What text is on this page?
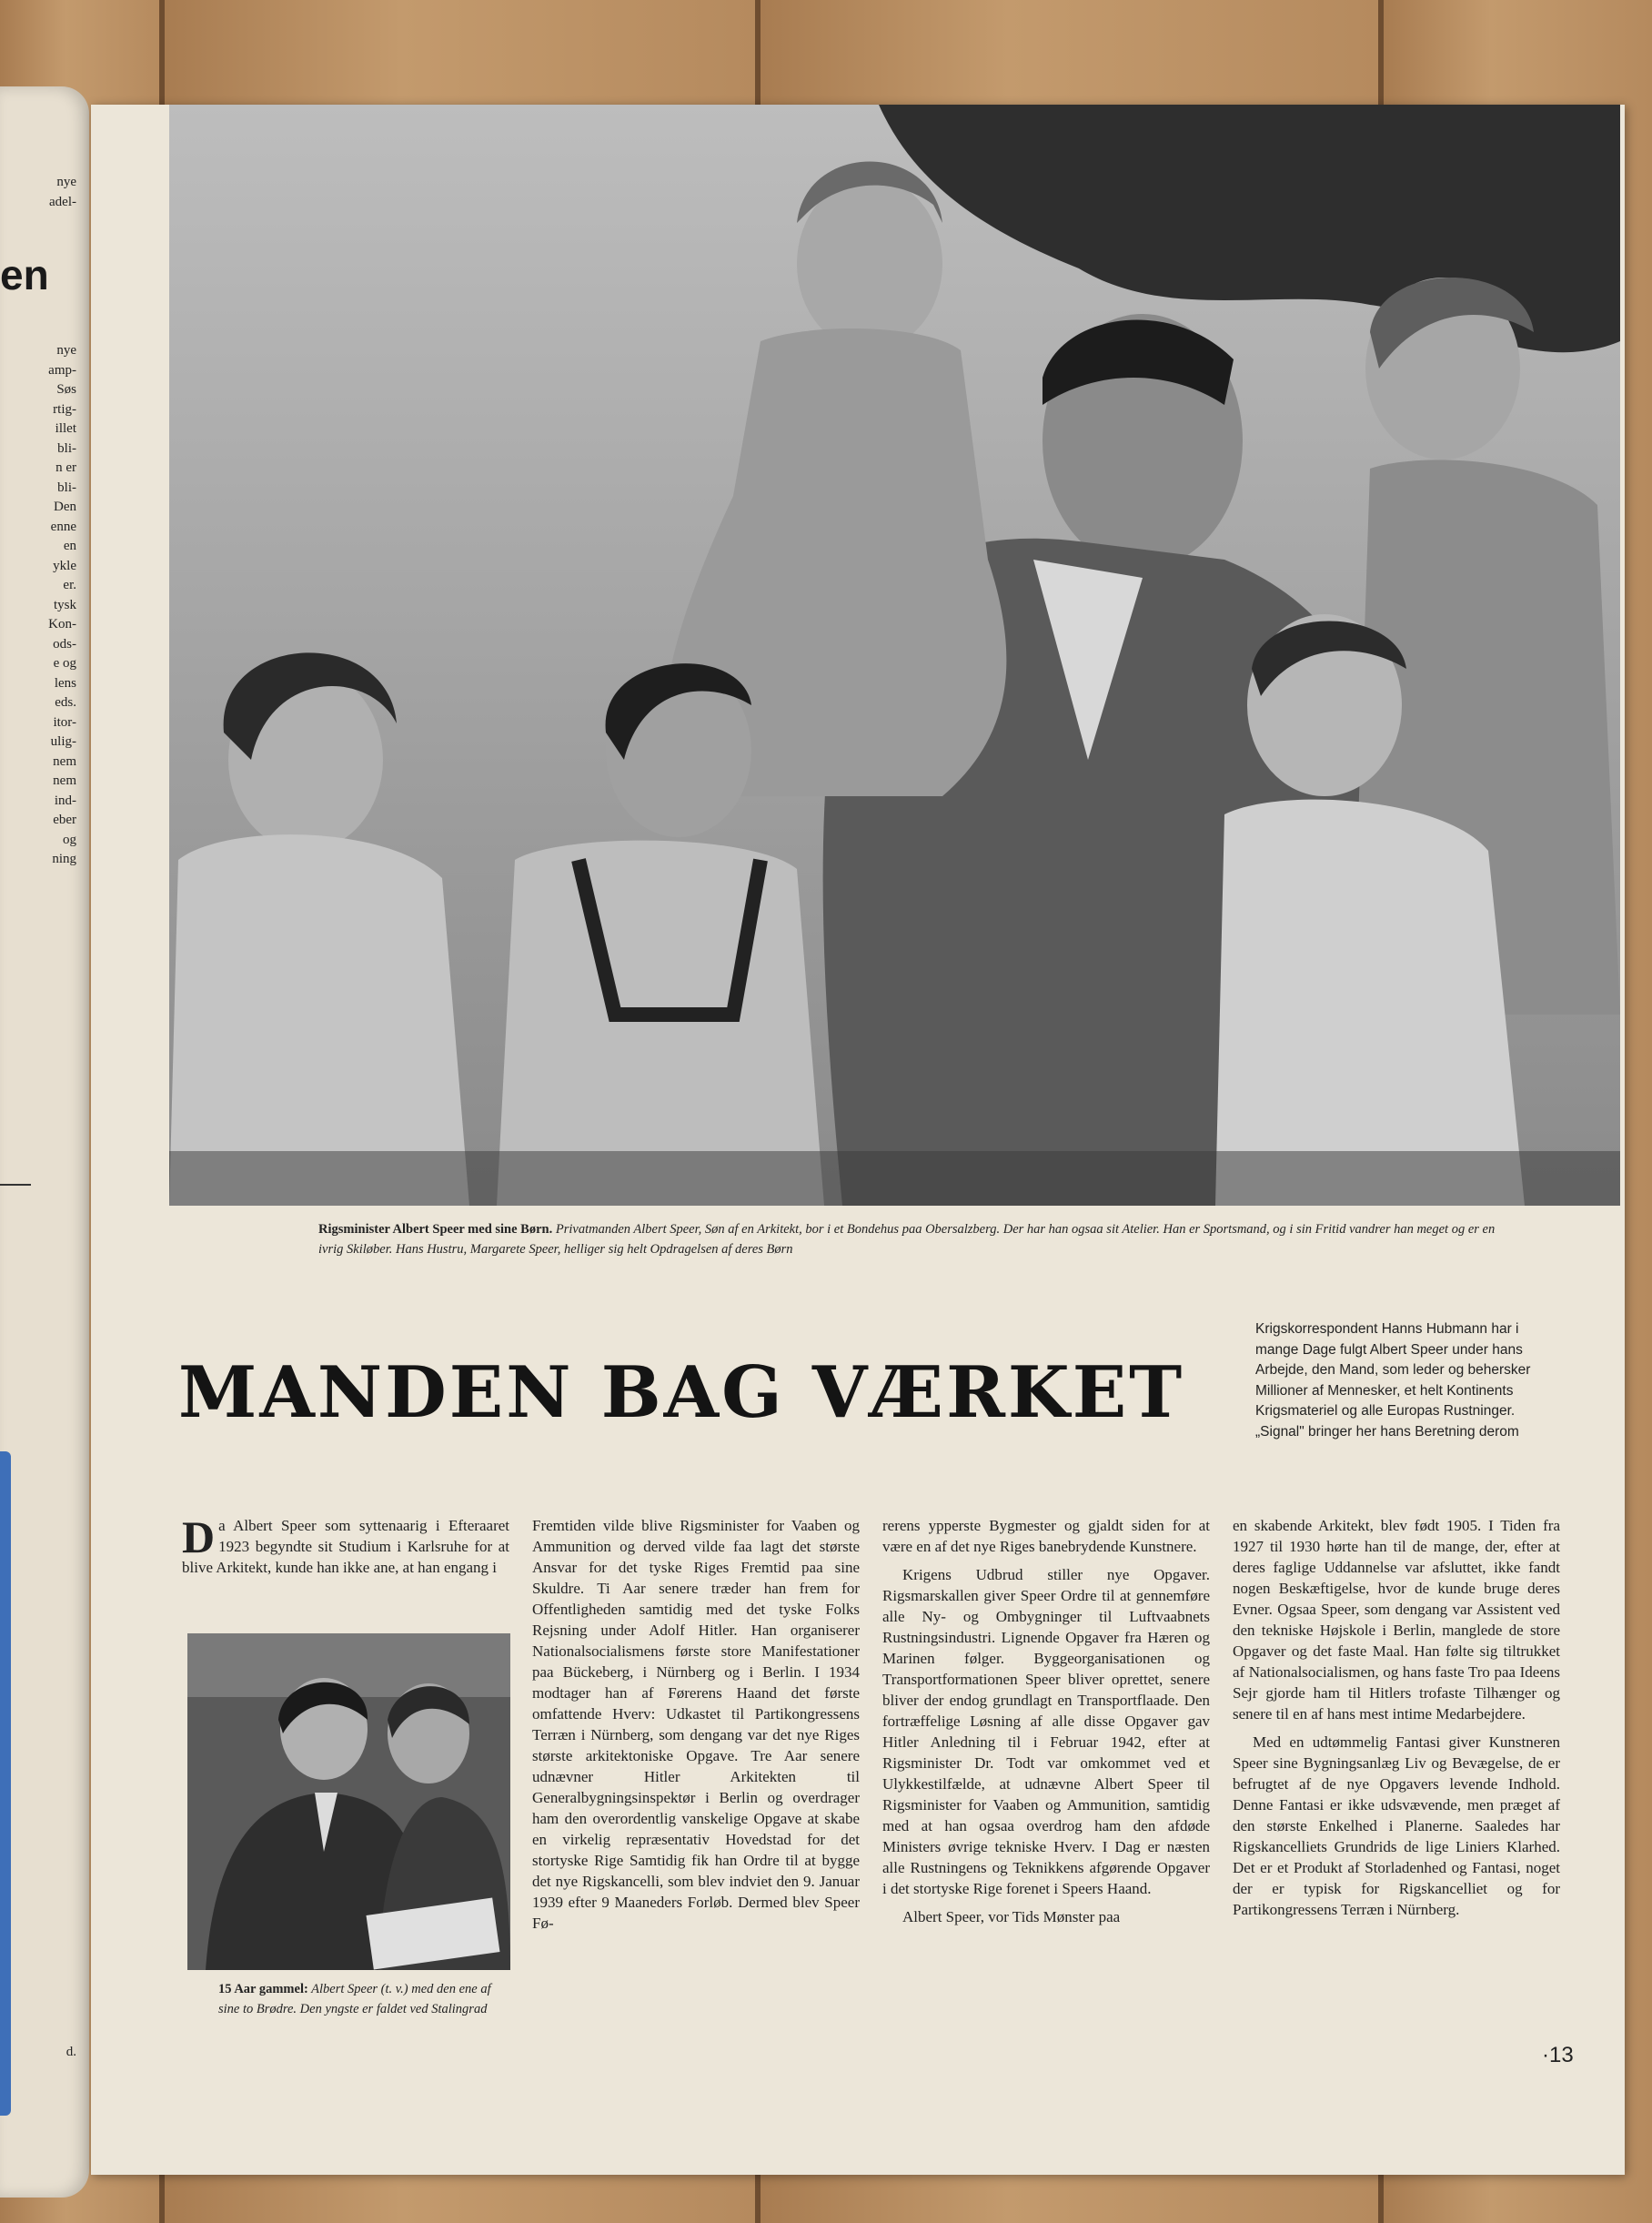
nye
en
adel-
nye
amp-
Søs
rtig-
illet
bli-
n er
bli-
Den
enne
en
ykle
er.
tysk
Kon-
ods-
e og
lens
eds.
itor-
ulig-
nem
nem
ind-
eber
og
ning
d.
Rigsminister Albert Speer med sine Børn. Privatmanden Albert Speer, Søn af en Arkitekt, bor i et Bondehus paa Obersalzberg. Der har han ogsaa sit Atelier. Han er Sportsmand, og i sin Fritid vandrer han meget og er en ivrig Skiløber. Hans Hustru, Margarete Speer, helliger sig helt Opdragelsen af deres Børn
Krigskorrespondent Hanns Hubmann har i mange Dage fulgt Albert Speer under hans Arbejde, den Mand, som leder og behersker Millioner af Mennesker, et helt Kontinents Krigsmateriel og alle Europas Rustninger. „Signal" bringer her hans Beretning derom
MANDEN BAG VÆRKET

Da Albert Speer som syttenaarig i Efteraaret 1923 begyndte sit Studium i Karlsruhe for at blive Arkitekt, kunde han ikke ane, at han engang i

15 Aar gammel: Albert Speer (t. v.) med den ene af sine to Brødre. Den yngste er faldet ved Stalingrad

Fremtiden vilde blive Rigsminister for Vaaben og Ammunition og derved vilde faa lagt det største Ansvar for det tyske Riges Fremtid paa sine Skuldre. Ti Aar senere træder han frem for Offentligheden samtidig med det tyske Folks Rejsning under Adolf Hitler. Han organiserer Nationalsocialismens første store Manifestationer paa Bückeberg, i Nürnberg og i Berlin. I 1934 modtager han af Førerens Haand det første omfattende Hverv: Udkastet til Partikongressens Terræn i Nürnberg, som dengang var det nye Riges største arkitektoniske Opgave. Tre Aar senere udnævner Hitler Arkitekten til Generalbygningsinspektør i Berlin og overdrager ham den overordentlig vanskelige Opgave at skabe en virkelig repræsentativ Hovedstad for det stortyske Rige Samtidig fik han Ordre til at bygge det nye Rigskancelli, som blev indviet den 9. Januar 1939 efter 9 Maaneders Forløb. Dermed blev Speer Fø-

rerens ypperste Bygmester og gjaldt siden for at være en af det nye Riges banebrydende Kunstnere.

Krigens Udbrud stiller nye Opgaver. Rigsmarskallen giver Speer Ordre til at gennemføre alle Ny- og Ombygninger til Luftvaabnets Rustningsindustri. Lignende Opgaver fra Hæren og Marinen følger. Byggeorganisationen og Transportformationen Speer bliver oprettet, senere bliver der endog grundlagt en Transportflaade. Den fortræffelige Løsning af alle disse Opgaver gav Hitler Anledning til i Februar 1942, efter at Rigsminister Dr. Todt var omkommet ved et Ulykkestilfælde, at udnævne Albert Speer til Rigsminister for Vaaben og Ammunition, samtidig med at han ogsaa overdrog ham den afdøde Ministers øvrige tekniske Hverv. I Dag er næsten alle Rustningens og Teknikkens afgørende Opgaver i det stortyske Rige forenet i Speers Haand.

Albert Speer, vor Tids Mønster paa

en skabende Arkitekt, blev født 1905. I Tiden fra 1927 til 1930 hørte han til de mange, der, efter at deres faglige Uddannelse var afsluttet, ikke fandt nogen Beskæftigelse, hvor de kunde bruge deres Evner. Ogsaa Speer, som dengang var Assistent ved den tekniske Højskole i Berlin, manglede de store Opgaver og det faste Maal. Han følte sig tiltrukket af Nationalsocialismen, og hans faste Tro paa Ideens Sejr gjorde ham til Hitlers trofaste Tilhænger og senere til en af hans mest intime Medarbejdere.

Med en udtømmelig Fantasi giver Kunstneren Speer sine Bygningsanlæg Liv og Bevægelse, de er befrugtet af de nye Opgavers levende Indhold. Denne Fantasi er ikke udsvævende, men præget af den største Enkelhed i Planerne. Saaledes har Rigskancelliets Grundrids de lige Liniers Klarhed. Det er et Produkt af Storladenhed og Fantasi, noget der er typisk for Rigskancelliet og for Partikongressens Terræn i Nürnberg.

·13
